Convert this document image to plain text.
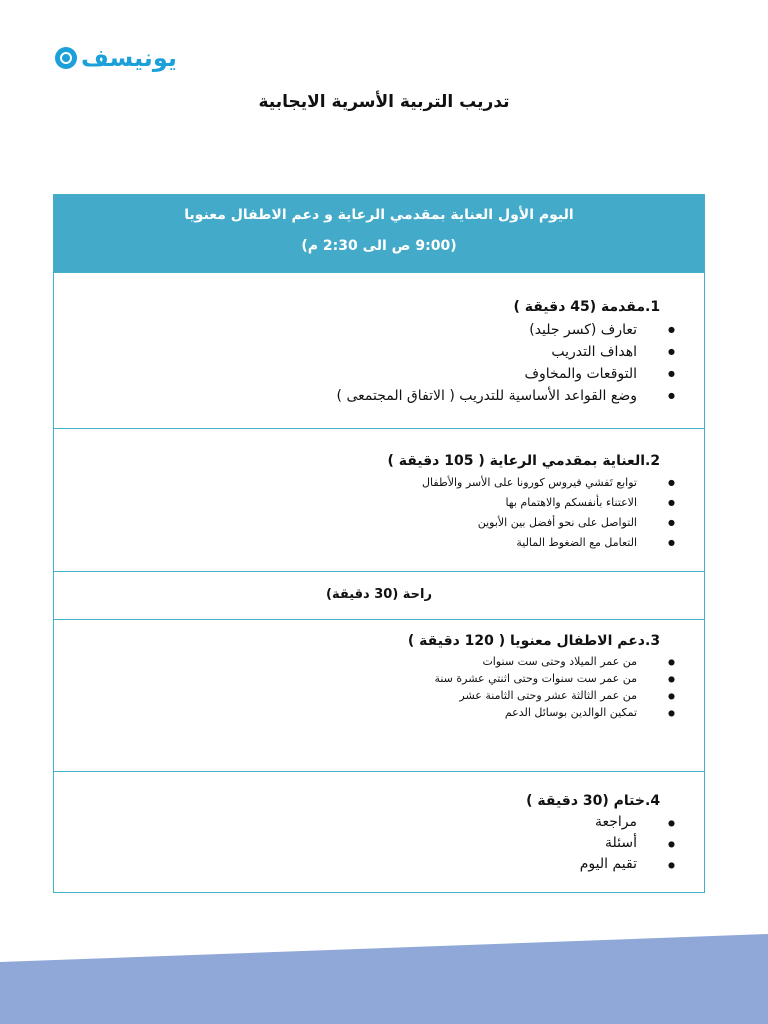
يونيسف
تدريب التربية الأسرية الايجابية
اليوم الأول العناية بمقدمي الرعاية و دعم الاطفال معنويا
(9:00 ص الى 2:30 م)
1.
مقدمة (45 دقيقة )
● تعارف (كسر جليد)
● اهداف التدريب
● التوقعات والمخاوف
● وضع القواعد الأساسية للتدريب ( الاتفاق المجتمعى )
2.
العناية بمقدمي الرعاية ( 105 دقيقة )
● توابع تَفشي فيروس كورونا على الأسر والأطفال
● الاعتناء بأنفسكم والاهتمام بها
● التواصل على نحو أفضل بين الأبوين
● التعامل مع الضغوط المالية
راحة (30 دقيقة)
3.
دعم الاطفال معنويا ( 120 دقيقة )
● من عمر الميلاد وحتى ست سنوات
● من عمر ست سنوات وحتى اثنتي عشرة سنة
● من عمر الثالثة عشر وحتى الثامنة عشر
● تمكين الوالدين بوسائل الدعم
4.
ختام (30 دقيقة )
● مراجعة
● أسئلة
● تقيم اليوم
